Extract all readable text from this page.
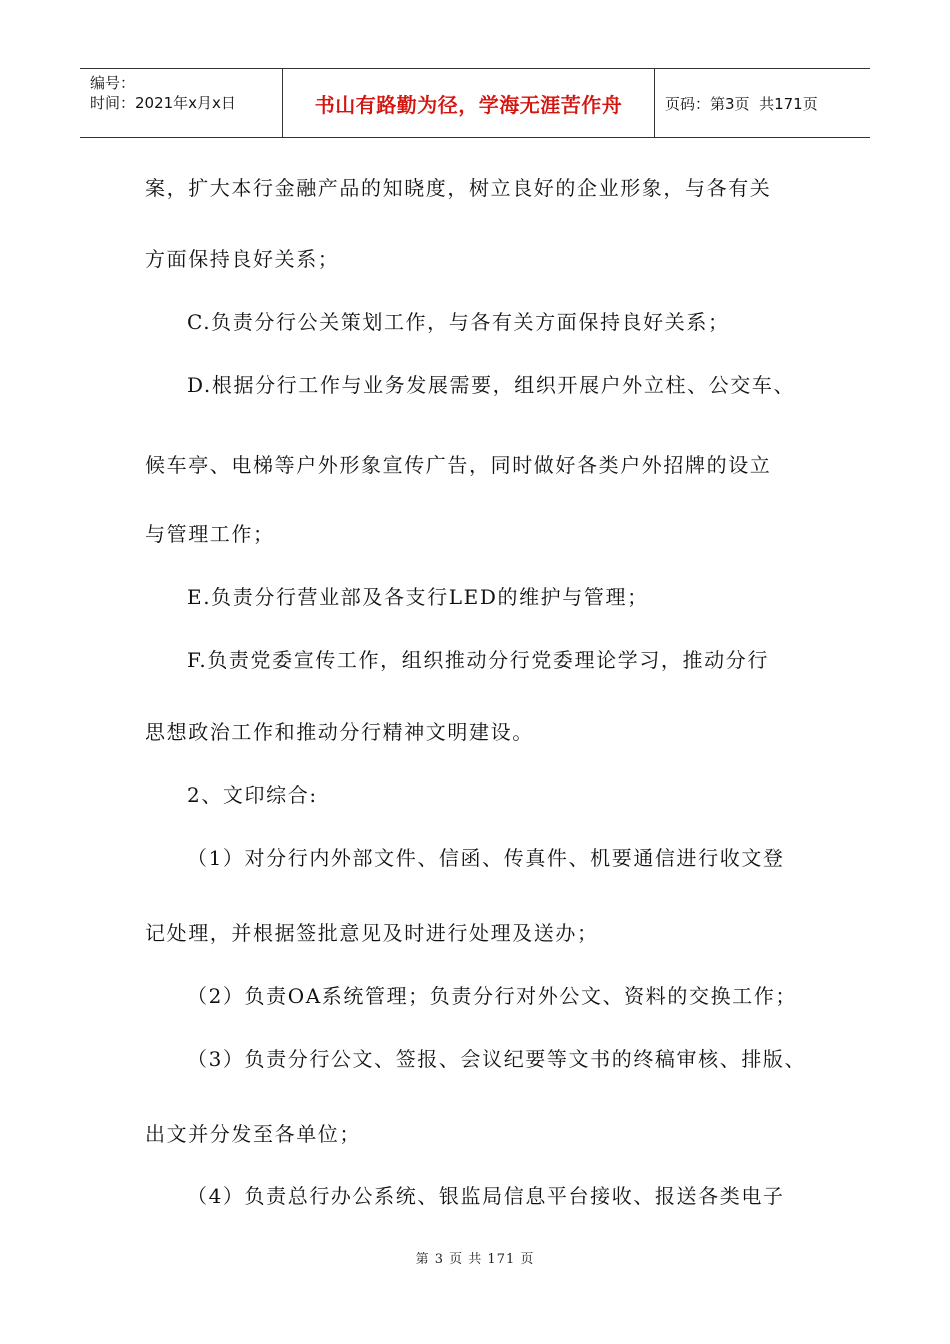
编号：
时间：2021年x月x日	书山有路勤为径，学海无涯苦作舟	页码：第3页  共171页
案，扩大本行金融产品的知晓度，树立良好的企业形象，与各有关
方面保持良好关系；
C.负责分行公关策划工作，与各有关方面保持良好关系；
D.根据分行工作与业务发展需要，组织开展户外立柱、公交车、
候车亭、电梯等户外形象宣传广告，同时做好各类户外招牌的设立
与管理工作；
E.负责分行营业部及各支行LED的维护与管理；
F.负责党委宣传工作，组织推动分行党委理论学习，推动分行
思想政治工作和推动分行精神文明建设。
2、文印综合:
（1）对分行内外部文件、信函、传真件、机要通信进行收文登
记处理，并根据签批意见及时进行处理及送办；
（2）负责OA系统管理；负责分行对外公文、资料的交换工作；
（3）负责分行公文、签报、会议纪要等文书的终稿审核、排版、
出文并分发至各单位；
（4）负责总行办公系统、银监局信息平台接收、报送各类电子
第 3 页 共 171 页
